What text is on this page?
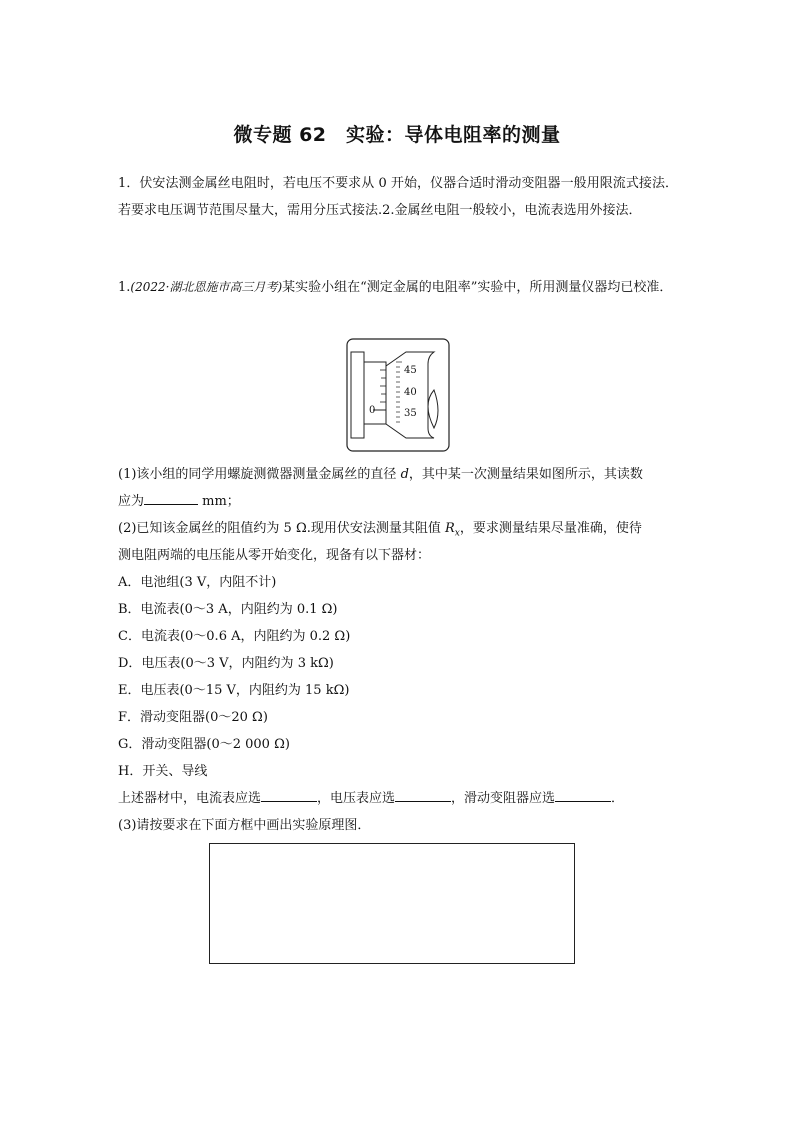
微专题 62　实验：导体电阻率的测量
1．伏安法测金属丝电阻时，若电压不要求从 0 开始，仪器合适时滑动变阻器一般用限流式接法．若要求电压调节范围尽量大，需用分压式接法.2.金属丝电阻一般较小，电流表选用外接法．
1.(2022·湖北恩施市高三月考)某实验小组在“测定金属的电阻率”实验中，所用测量仪器均已校准．
0
45
40
35
(1)该小组的同学用螺旋测微器测量金属丝的直径 d，其中某一次测量结果如图所示，其读数
应为	mm；
(2)已知该金属丝的阻值约为 5 Ω.现用伏安法测量其阻值 $R_x$，要求测量结果尽量准确，使待
测电阻两端的电压能从零开始变化，现备有以下器材：
A．电池组(3 V，内阻不计)
B．电流表(0～3 A，内阻约为 0.1 Ω)
C．电流表(0～0.6 A，内阻约为 0.2 Ω)
D．电压表(0～3 V，内阻约为 3 kΩ)
E．电压表(0～15 V，内阻约为 15 kΩ)
F．滑动变阻器(0～20 Ω)
G．滑动变阻器(0～2 000 Ω)
H．开关、导线
上述器材中，电流表应选	，电压表应选	，滑动变阻器应选	．
(3)请按要求在下面方框中画出实验原理图．
